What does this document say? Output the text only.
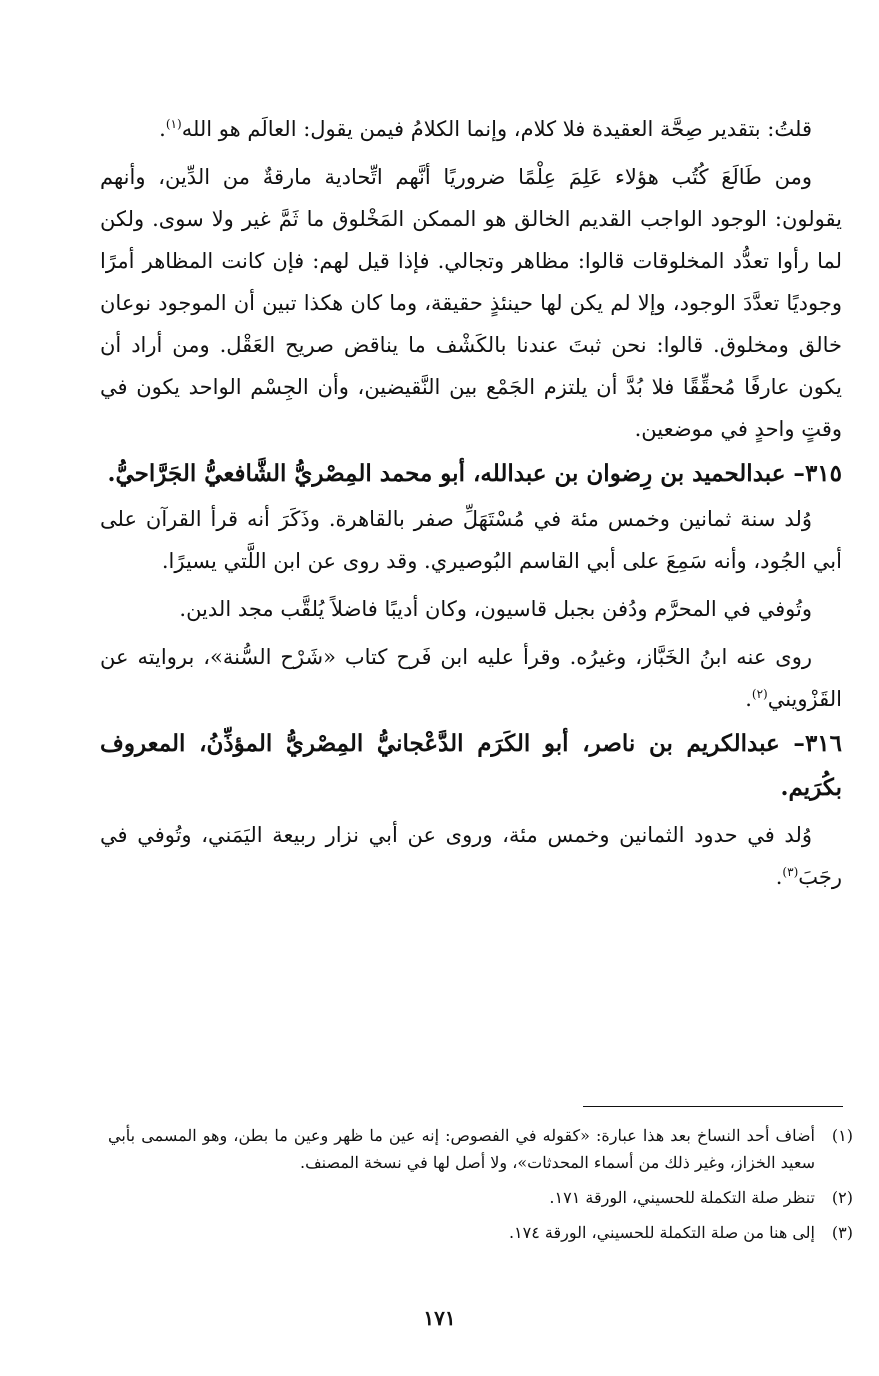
قلتُ: بتقدير صِحَّة العقيدة فلا كلام، وإنما الكلامُ فيمن يقول: العالَم هو الله$^{(١)}$.

ومن طَالَعَ كُتُب هؤلاء عَلِمَ عِلْمًا ضروريًا أنَّهم اتِّحادية مارقةٌ من الدِّين، وأنهم يقولون: الوجود الواجب القديم الخالق هو الممكن المَخْلوق ما ثَمَّ غير ولا سوى. ولكن لما رأوا تعدُّد المخلوقات قالوا: مظاهر وتجالي. فإذا قيل لهم: فإن كانت المظاهر أمرًا وجوديًا تعدَّدَ الوجود، وإلا لم يكن لها حينئذٍ حقيقة، وما كان هكذا تبين أن الموجود نوعان خالق ومخلوق. قالوا: نحن ثبتَ عندنا بالكَشْف ما يناقض صريح العَقْل. ومن أراد أن يكون عارفًا مُحقِّقًا فلا بُدَّ أن يلتزم الجَمْع بين النَّقيضين، وأن الجِسْم الواحد يكون في وقتٍ واحدٍ في موضعين.

٣١٥– عبدالحميد بن رِضوان بن عبدالله، أبو محمد المِصْريُّ الشَّافعيُّ الجَرَّاحيُّ.

وُلد سنة ثمانين وخمس مئة في مُسْتَهَلِّ صفر بالقاهرة. وذَكَرَ أنه قرأ القرآن على أبي الجُود، وأنه سَمِعَ على أبي القاسم البُوصيري. وقد روى عن ابن اللَّتي يسيرًا.

وتُوفي في المحرَّم ودُفن بجبل قاسيون، وكان أديبًا فاضلاً يُلقَّب مجد الدين.

روى عنه ابنُ الخَبَّاز، وغيرُه. وقرأ عليه ابن فَرح كتاب «شَرْح السُّنة»، بروايته عن القَزْويني$^{(٢)}$.

٣١٦– عبدالكريم بن ناصر، أبو الكَرَم الدَّعْجانيُّ المِصْريُّ المؤذِّنُ، المعروف بكُرَيم.

وُلد في حدود الثمانين وخمس مئة، وروى عن أبي نزار ربيعة اليَمَني، وتُوفي في رجَبَ$^{(٣)}$.

(١)
أضاف أحد النساخ بعد هذا عبارة: «كقوله في الفصوص: إنه عين ما ظهر وعين ما بطن، وهو المسمى بأبي سعيد الخزاز، وغير ذلك من أسماء المحدثات»، ولا أصل لها في نسخة المصنف.
(٢)
تنظر صلة التكملة للحسيني، الورقة ١٧١.
(٣)
إلى هنا من صلة التكملة للحسيني، الورقة ١٧٤.
١٧١
